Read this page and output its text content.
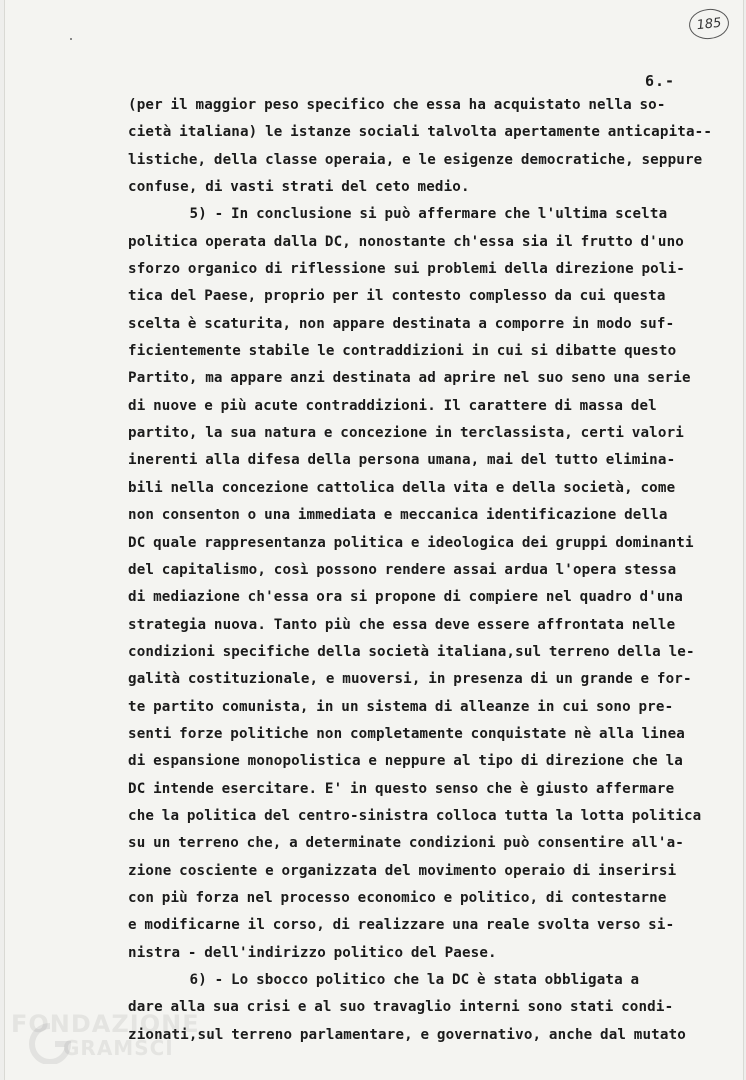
185
6.-
(per il maggior peso specifico che essa ha acquistato nella so-
cietà italiana) le istanze sociali talvolta apertamente anticapita--
listiche, della classe operaia, e le esigenze democratiche, seppure
confuse, di vasti strati del ceto medio.
5) - In conclusione si può affermare che l'ultima scelta
politica operata dalla DC, nonostante ch'essa sia il frutto d'uno
sforzo organico di riflessione sui problemi della direzione poli-
tica del Paese, proprio per il contesto complesso da cui questa
scelta è scaturita, non appare destinata a comporre in modo suf-
ficientemente stabile le contraddizioni in cui si dibatte questo
Partito, ma appare anzi destinata ad aprire nel suo seno una serie
di nuove e più acute contraddizioni. Il carattere di massa del
partito, la sua natura e concezione in terclassista, certi valori
inerenti alla difesa della persona umana, mai del tutto elimina-
bili nella concezione cattolica della vita e della società, come
non consenton o una immediata e meccanica identificazione della
DC quale rappresentanza politica e ideologica dei gruppi dominanti
del capitalismo, così possono rendere assai ardua l'opera stessa
di mediazione ch'essa ora si propone di compiere nel quadro d'una
strategia nuova. Tanto più che essa deve essere affrontata nelle
condizioni specifiche della società italiana,sul terreno della le-
galità costituzionale, e muoversi, in presenza di un grande e for-
te partito comunista, in un sistema di alleanze in cui sono pre-
senti forze politiche non completamente conquistate nè alla linea
di espansione monopolistica e neppure al tipo di direzione che la
DC intende esercitare. E' in questo senso che è giusto affermare
che la politica del centro-sinistra colloca tutta la lotta politica
su un terreno che, a determinate condizioni può consentire all'a-
zione cosciente e organizzata del movimento operaio di inserirsi
con più forza nel processo economico e politico, di contestarne
e modificarne il corso, di realizzare una reale svolta verso si-
nistra - dell'indirizzo politico del Paese.
6) - Lo sbocco politico che la DC è stata obbligata a
dare alla sua crisi e al suo travaglio interni sono stati condi-
zionati,sul terreno parlamentare, e governativo, anche dal mutato
FONDAZIONE
GRAMSCI
